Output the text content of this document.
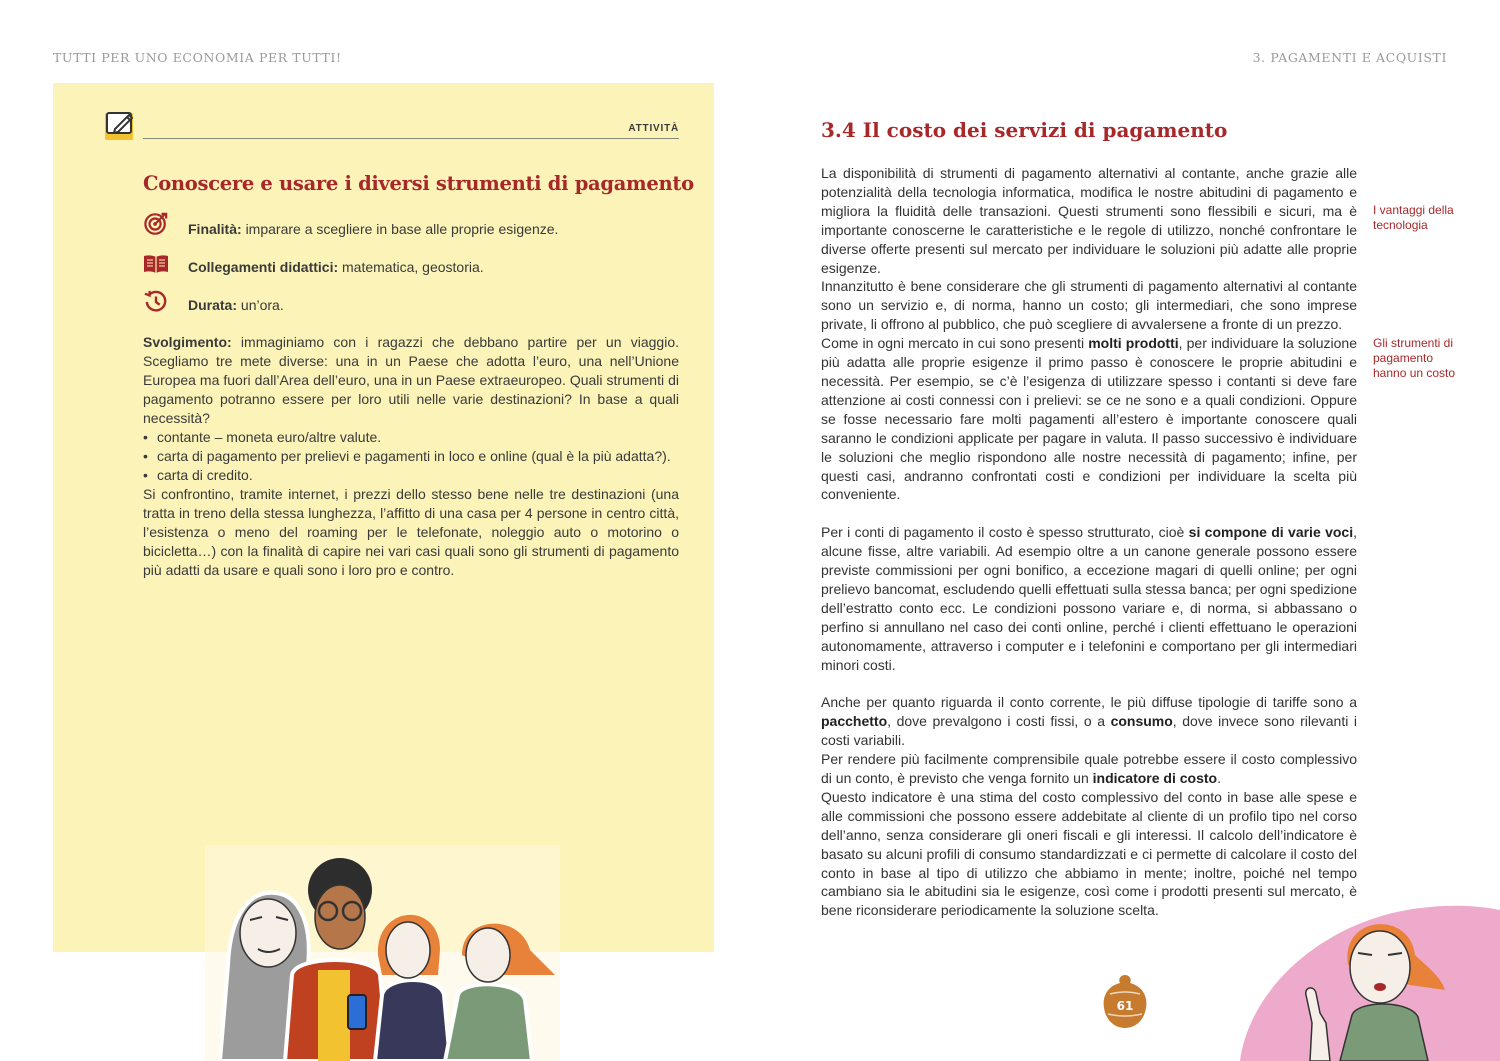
TUTTI PER UNO ECONOMIA PER TUTTI!	3. PAGAMENTI E ACQUISTI
ATTIVITÀ
Conoscere e usare i diversi strumenti di pagamento
Finalità: imparare a scegliere in base alle proprie esigenze.
Collegamenti didattici: matematica, geostoria.
Durata: un’ora.

Svolgimento: immaginiamo con i ragazzi che debbano partire per un viaggio. Scegliamo tre mete diverse: una in un Paese che adotta l’euro, una nell’Unione Europea ma fuori dall’Area dell’euro, una in un Paese extraeuropeo. Quali strumenti di pagamento potranno essere per loro utili nelle varie destinazioni? In base a quali necessità?

• contante – moneta euro/altre valute.
• carta di pagamento per prelievi e pagamenti in loco e online (qual è la più adatta?).
• carta di credito.

Si confrontino, tramite internet, i prezzi dello stesso bene nelle tre destinazioni (una tratta in treno della stessa lunghezza, l’affitto di una casa per 4 persone in centro città, l’esistenza o meno del roaming per le telefonate, noleggio auto o motorino o bicicletta…) con la finalità di capire nei vari casi quali sono gli strumenti di pagamento più adatti da usare e quali sono i loro pro e contro.

3.4 Il costo dei servizi di pagamento

La disponibilità di strumenti di pagamento alternativi al contante, anche grazie alle potenzialità della tecnologia informatica, modifica le nostre abitudini di pagamento e migliora la fluidità delle transazioni. Questi strumenti sono flessibili e sicuri, ma è importante conoscerne le caratteristiche e le regole di utilizzo, nonché confrontare le diverse offerte presenti sul mercato per individuare le soluzioni più adatte alle proprie esigenze.

Innanzitutto è bene considerare che gli strumenti di pagamento alternativi al contante sono un servizio e, di norma, hanno un costo; gli intermediari, che sono imprese private, li offrono al pubblico, che può scegliere di avvalersene a fronte di un prezzo.

Come in ogni mercato in cui sono presenti molti prodotti, per individuare la soluzione più adatta alle proprie esigenze il primo passo è conoscere le proprie abitudini e necessità. Per esempio, se c’è l’esigenza di utilizzare spesso i contanti si deve fare attenzione ai costi connessi con i prelievi: se ce ne sono e a quali condizioni. Oppure se fosse necessario fare molti pagamenti all’estero è importante conoscere quali saranno le condizioni applicate per pagare in valuta. Il passo successivo è individuare le soluzioni che meglio rispondono alle nostre necessità di pagamento; infine, per questi casi, andranno confrontati costi e condizioni per individuare la scelta più conveniente.

Per i conti di pagamento il costo è spesso strutturato, cioè si compone di varie voci, alcune fisse, altre variabili. Ad esempio oltre a un canone generale possono essere previste commissioni per ogni bonifico, a eccezione magari di quelli online; per ogni prelievo bancomat, escludendo quelli effettuati sulla stessa banca; per ogni spedizione dell’estratto conto ecc. Le condizioni possono variare e, di norma, si abbassano o perfino si annullano nel caso dei conti online, perché i clienti effettuano le operazioni autonomamente, attraverso i computer e i telefonini e comportano per gli intermediari minori costi.

Anche per quanto riguarda il conto corrente, le più diffuse tipologie di tariffe sono a pacchetto, dove prevalgono i costi fissi, o a consumo, dove invece sono rilevanti i costi variabili.

Per rendere più facilmente comprensibile quale potrebbe essere il costo complessivo di un conto, è previsto che venga fornito un indicatore di costo.

Questo indicatore è una stima del costo complessivo del conto in base alle spese e alle commissioni che possono essere addebitate al cliente di un profilo tipo nel corso dell’anno, senza considerare gli oneri fiscali e gli interessi. Il calcolo dell’indicatore è basato su alcuni profili di consumo standardizzati e ci permette di calcolare il costo del conto in base al tipo di utilizzo che abbiamo in mente; inoltre, poiché nel tempo cambiano sia le abitudini sia le esigenze, così come i prodotti presenti sul mercato, è bene riconsiderare periodicamente la soluzione scelta.

I vantaggi della tecnologia
Gli strumenti di pagamento hanno un costo
61
